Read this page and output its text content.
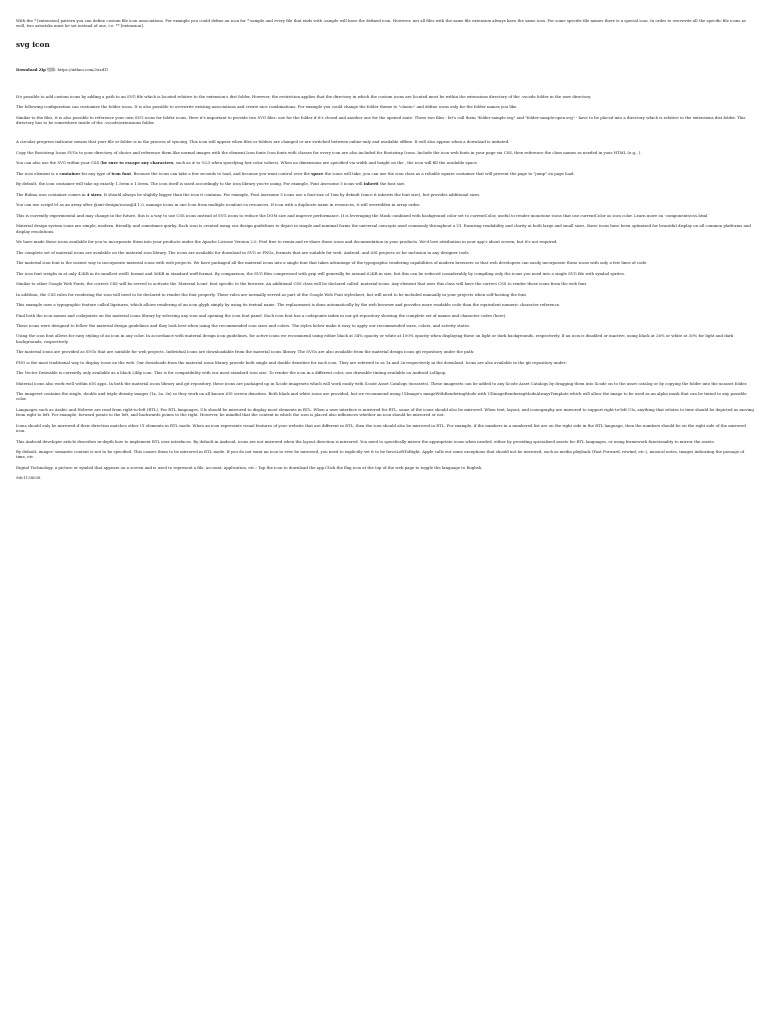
With the * [extension] pattern you can define custom file icon associations. For example you could define an icon for *.sample and every file that ends with .sample will have the defined icon. However, not all files with the same file extension always have the same icon. For some specific file names there is a special icon. In order to overwrite all the specific file icons as well, two asterisks must be set instead of one, i.e. **.[extension].

svg icon

Download Zip 镜像: https://ixthno.com/2uzd1l

It's possible to add custom icons by adding a path to an SVG file which is located relative to the extension's dist folder. However, the restriction applies that the directory in which the custom icons are located must be within the extensions directory of the .vscode folder in the user directory.

The following configuration can customize the folder icons. It is also possible to overwrite existing associations and create nice combinations. For example you could change the folder theme to "classic" and define icons only for the folder names you like.

Similar to the files, it is also possible to reference your own SVG icons for folder icons. Here it's important to provide two SVG files: one for the folder if it's closed and another one for the opened state. These two files - let's call them "folder-sample.svg" and "folder-sample-open.svg" - have to be placed into a directory which is relative to the extensions dist folder. This directory has to be somewhere inside of the .vscode/extensions folder.

A circular progress indicator means that your file or folder is in the process of syncing. This icon will appear when files or folders are changed or are switched between online-only and available offline. It will also appear when a download is initiated.

Copy the Bootstrap Icons SVGs to your directory of choice and reference them like normal images with the element.Icon fonts Icon fonts with classes for every icon are also included for Bootstrap Icons. Include the icon web fonts in your page via CSS, then reference the class names as needed in your HTML (e.g., ).

You can also use the SVG within your CSS (be sure to escape any characters, such as # to %23 when specifying hex color values). When no dimensions are specified via width and height on the , the icon will fill the available space.

The icon element is a container for any type of icon font. Because the icons can take a few seconds to load, and because you want control over the space the icons will take, you can use the icon class as a reliable square container that will prevent the page to "jump" on page load.

By default, the icon container will take up exactly 1.5rem x 1.5rem. The icon itself is sized accordingly to the icon library you're using. For example, Font Awesome 5 icons will inherit the font size.

The Bulma icon container comes in 4 sizes. It should always be slightly bigger than the icon it contains. For example, Font Awesome 5 icons use a font-size of 1em by default (since it inherits the font size), but provides additional sizes.

You can use scriptUrl as an array after @ant-design/icons@4.1.0, manage icons in one Icon from multiple iconfont.cn resources. If icon with a duplicate name in resources, it will overridden in array order.

This is currently experimental and may change in the future, this is a way to use CSS icons instead of SVG icons to reduce the DOM size and improve performance. It is leveraging the Mask combined with background color set to currentColor, useful to render monotone icons that use currentColor as icon color. Learn more on -components/css.html

Material design system icons are simple, modern, friendly, and sometimes quirky. Each icon is created using our design guidelines to depict in simple and minimal forms the universal concepts used commonly throughout a UI. Ensuring readability and clarity at both large and small sizes, these icons have been optimized for beautiful display on all common platforms and display resolutions.

We have made these icons available for you to incorporate them into your products under the Apache License Version 2.0. Feel free to remix and re-share these icons and documentation in your products. We'd love attribution in your app's about screen, but it's not required.

The complete set of material icons are available on the material icon library. The icons are available for download in SVG or PNGs, formats that are suitable for web, Android, and iOS projects or for inclusion in any designer tools.

The material icon font is the easiest way to incorporate material icons with web projects. We have packaged all the material icons into a single font that takes advantage of the typographic rendering capabilities of modern browsers so that web developers can easily incorporate these icons with only a few lines of code.

The icon font weighs in at only 42KB in its smallest woff2 format and 56KB in standard woff format. By comparison, the SVG files compressed with gzip will generally be around 62KB in size, but this can be reduced considerably by compiling only the icons you need into a single SVG file with symbol sprites.

Similar to other Google Web Fonts, the correct CSS will be served to activate the 'Material Icons' font specific to the browser. An additional CSS class will be declared called .material-icons. Any element that uses this class will have the correct CSS to render these icons from the web font.

In addition, the CSS rules for rendering the icon will need to be declared to render the font properly. These rules are normally served as part of the Google Web Font stylesheet, but will need to be included manually in your projects when self-hosting the font.

This example uses a typographic feature called ligatures, which allows rendering of an icon glyph simply by using its textual name. The replacement is done automatically by the web browser and provides more readable code than the equivalent numeric character reference.

Find both the icon names and codepoints on the material icons library by selecting any icon and opening the icon font panel. Each icon font has a codepoints index in our git repository showing the complete set of names and character codes (here).

These icons were designed to follow the material design guidelines and they look best when using the recommended icon sizes and colors. The styles below make it easy to apply our recommended sizes, colors, and activity states.

Using the icon font allows for easy styling of an icon in any color. In accordance with material design icon guidelines, for active icons we recommend using either black at 54% opacity or white at 100% opacity when displaying these on light or dark backgrounds, respectively. If an icon is disabled or inactive, using black at 26% or white at 30% for light and dark backgrounds, respectively.

The material icons are provided as SVGs that are suitable for web projects. Individual icons are downloadable from the material icons library. The SVGs are also available from the material design icons git repository under the path:

PNG is the most traditional way to display icons on the web. Our downloads from the material icons library provide both single and double densities for each icon. They are referred to as 1x and 2x respectively in the download. Icons are also available in the git repository under:

The Vector Drawable is currently only available as a black 24dp icon. This is for compatibility with our most standard icon size. To render the icon in a different color, use drawable tinting available on Android Lollipop.

Material icons also work well within iOS apps. In both the material icons library and git repository, these icons are packaged up in Xcode imagesets which will work easily with Xcode Asset Catalogs (xcassets). These imagesets can be added to any Xcode Asset Catalogs by dragging them into Xcode on to the asset catalog or by copying the folder into the xcasset folder.

The imageset contains the single, double and triple density images (1x, 2x, 3x) so they work on all known iOS screen densities. Both black and white icons are provided, but we recommend using UIImage's imageWithRenderingMode with UIImageRenderingModeAlwaysTemplate which will allow the image to be used as an alpha mask that can be tinted to any possible color.

Languages such as Arabic and Hebrew are read from right-to-left (RTL). For RTL languages, UIs should be mirrored to display most elements in RTL. When a user interface is mirrored for RTL, some of the icons should also be mirrored. When text, layout, and iconography are mirrored to support right-to-left UIs, anything that relates to time should be depicted as moving from right to left. For example, forward points to the left, and backwards points to the right. However, be mindful that the context in which the icon is placed also influences whether an icon should be mirrored or not.

Icons should only be mirrored if their direction matches other UI elements in RTL mode. When an icon represents visual features of your website that are different in RTL, then the icon should also be mirrored in RTL. For example, if the numbers in a numbered list are on the right side in the RTL language, then the numbers should be on the right side of the mirrored icon.

This Android developer article describes in-depth how to implement RTL user interfaces. By default in Android, icons are not mirrored when the layout direction is mirrored. You need to specifically mirror the appropriate icons when needed, either by providing specialized assets for RTL languages, or using framework functionality to mirror the assets.

By default, images' semantic content is not to be specified. This causes them to be mirrored in RTL mode. If you do not want an icon to ever be mirrored, you need to explicitly set it to be forceLeftToRight. Apple calls out some exceptions that should not be mirrored, such as media playback (Fast Forward, rewind, etc.), musical notes, images indicating the passage of time, etc.

Digital Technology. a picture or symbol that appears on a screen and is used to represent a file, account, application, etc.: Tap the icon to download the app.Click the flag icon at the top of the web page to toggle the language to English.

9dc1138038
